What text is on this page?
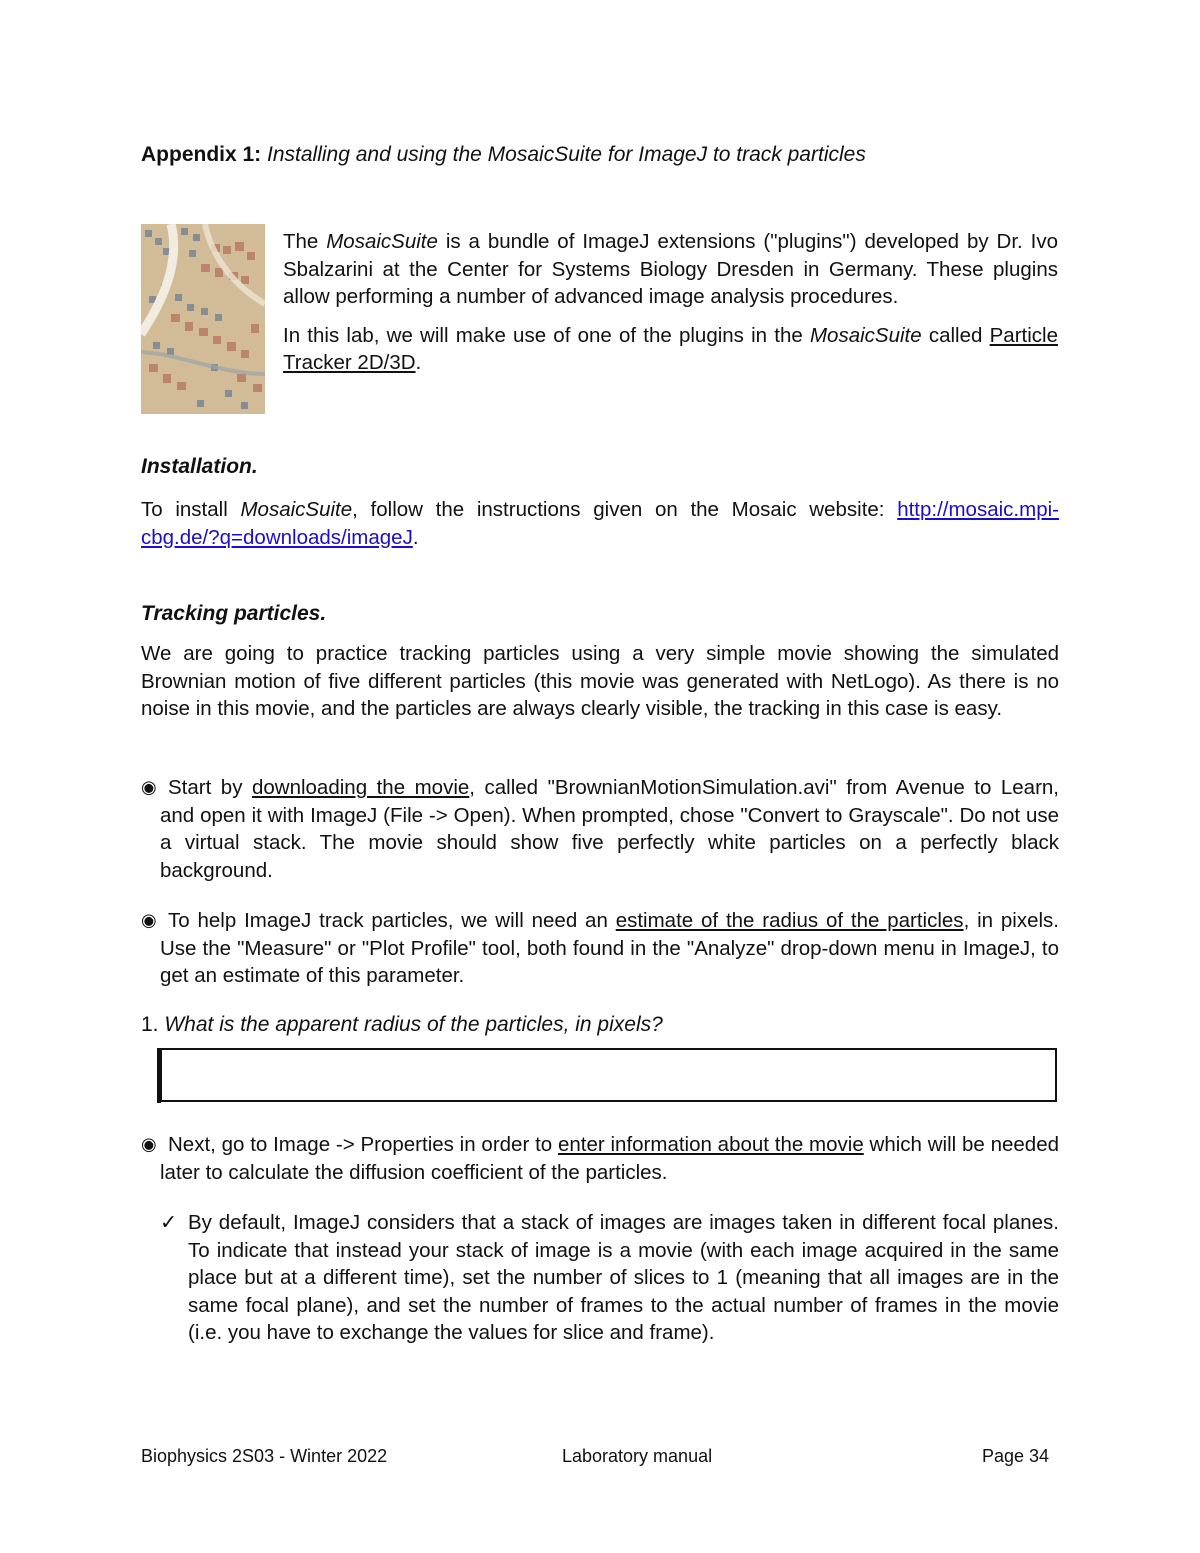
Appendix 1: Installing and using the MosaicSuite for ImageJ to track particles

The MosaicSuite is a bundle of ImageJ extensions ("plugins") developed by Dr. Ivo Sbalzarini at the Center for Systems Biology Dresden in Germany. These plugins allow performing a number of advanced image analysis procedures.

In this lab, we will make use of one of the plugins in the MosaicSuite called Particle Tracker 2D/3D.

Installation.

To install MosaicSuite, follow the instructions given on the Mosaic website: http://mosaic.mpi-cbg.de/?q=downloads/imageJ.

Tracking particles.

We are going to practice tracking particles using a very simple movie showing the simulated Brownian motion of five different particles (this movie was generated with NetLogo). As there is no noise in this movie, and the particles are always clearly visible, the tracking in this case is easy.

◉ Start by downloading the movie, called "BrownianMotionSimulation.avi" from Avenue to Learn, and open it with ImageJ (File -> Open). When prompted, chose "Convert to Grayscale". Do not use a virtual stack. The movie should show five perfectly white particles on a perfectly black background.
◉ To help ImageJ track particles, we will need an estimate of the radius of the particles, in pixels. Use the "Measure" or "Plot Profile" tool, both found in the "Analyze" drop-down menu in ImageJ, to get an estimate of this parameter.
1. What is the apparent radius of the particles, in pixels?
◉ Next, go to Image -> Properties in order to enter information about the movie which will be needed later to calculate the diffusion coefficient of the particles.
✓ By default, ImageJ considers that a stack of images are images taken in different focal planes. To indicate that instead your stack of image is a movie (with each image acquired in the same place but at a different time), set the number of slices to 1 (meaning that all images are in the same focal plane), and set the number of frames to the actual number of frames in the movie (i.e. you have to exchange the values for slice and frame).
Biophysics 2S03 - Winter 2022	Laboratory manual	Page 34
